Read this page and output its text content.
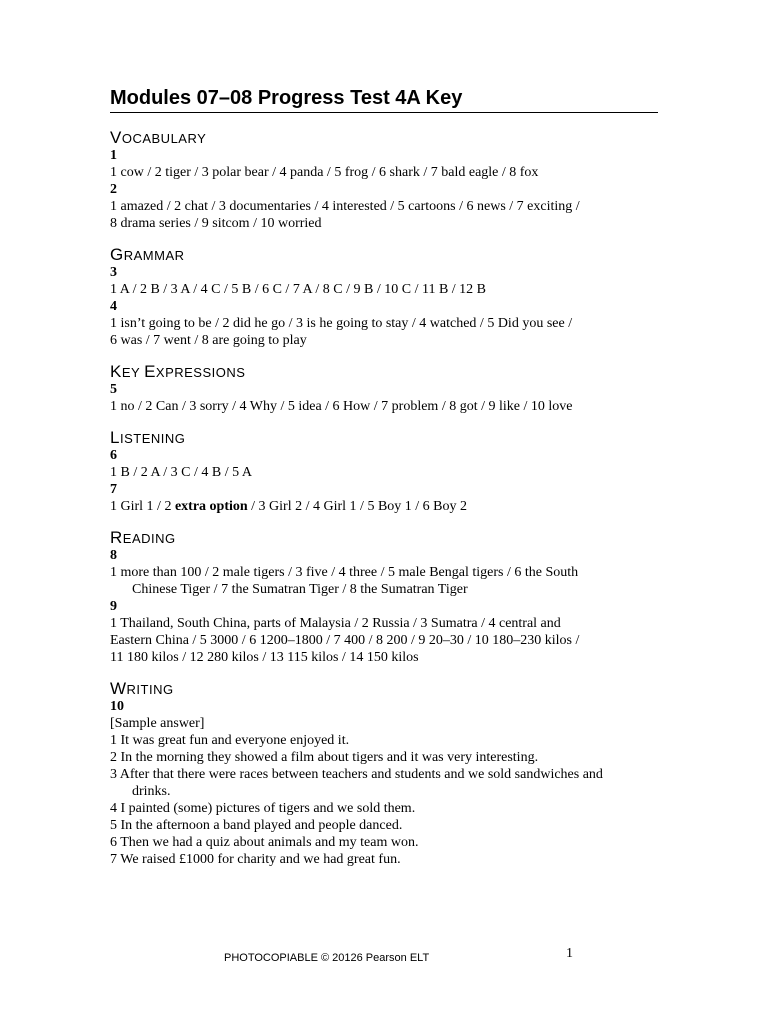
Modules 07–08 Progress Test 4A Key
VOCABULARY
1
1 cow / 2 tiger / 3 polar bear / 4 panda / 5 frog / 6 shark / 7 bald eagle / 8 fox
2
1 amazed / 2 chat / 3 documentaries / 4 interested / 5 cartoons / 6 news / 7 exciting /
8 drama series / 9 sitcom / 10 worried
GRAMMAR
3
1 A / 2 B / 3 A / 4 C / 5 B / 6 C / 7 A / 8 C / 9 B / 10 C / 11 B / 12 B
4
1 isn’t going to be / 2 did he go / 3 is he going to stay / 4 watched / 5 Did you see /
6 was / 7 went / 8 are going to play
KEY EXPRESSIONS
5
1 no / 2 Can / 3 sorry / 4 Why / 5 idea / 6 How / 7 problem / 8 got / 9 like / 10 love
LISTENING
6
1 B / 2 A / 3 C / 4 B / 5 A
7
1 Girl 1 / 2 extra option / 3 Girl 2 / 4 Girl 1 / 5 Boy 1 / 6 Boy 2
READING
8
1 more than 100 / 2 male tigers / 3 five / 4 three / 5 male Bengal tigers / 6 the South
Chinese Tiger / 7 the Sumatran Tiger / 8 the Sumatran Tiger
9
1 Thailand, South China, parts of Malaysia / 2 Russia / 3 Sumatra / 4 central and
Eastern China / 5 3000 / 6 1200–1800 / 7 400 / 8 200 / 9 20–30 / 10 180–230 kilos /
11 180 kilos / 12 280 kilos / 13 115 kilos / 14 150 kilos
WRITING
10
[Sample answer]
1 It was great fun and everyone enjoyed it.
2 In the morning they showed a film about tigers and it was very interesting.
3 After that there were races between teachers and students and we sold sandwiches and
drinks.
4 I painted (some) pictures of tigers and we sold them.
5 In the afternoon a band played and people danced.
6 Then we had a quiz about animals and my team won.
7 We raised £1000 for charity and we had great fun.
PHOTOCOPIABLE © 20126 Pearson ELT	1
